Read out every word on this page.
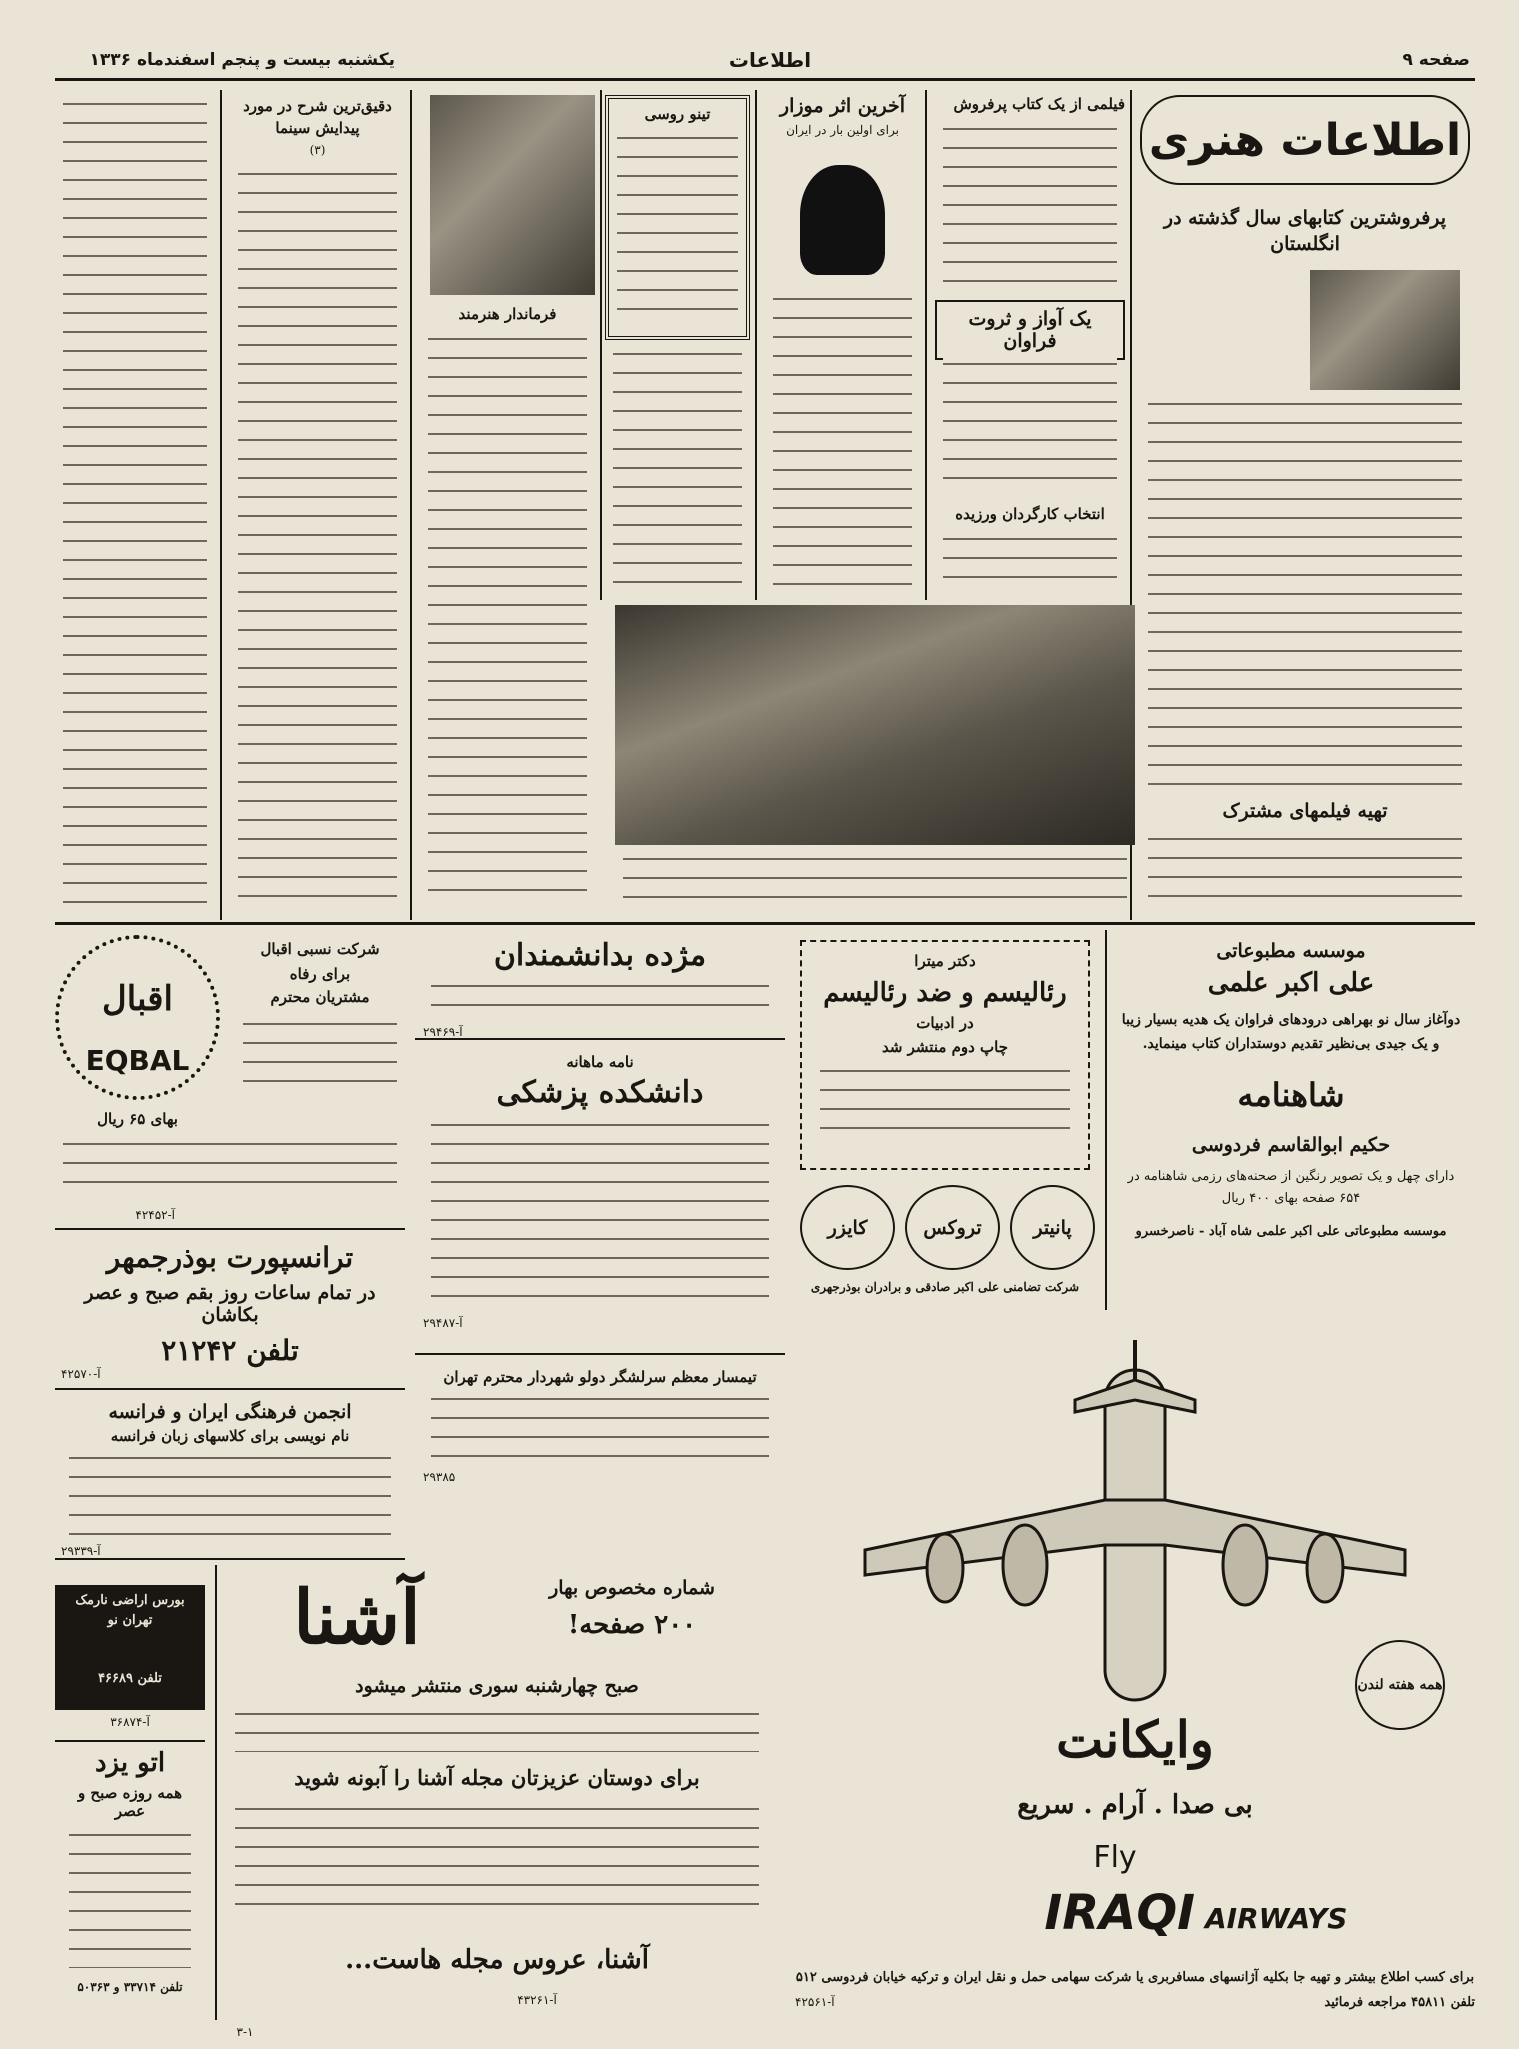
صفحه ۹
اطلاعات
یکشنبه بیست و پنجم اسفندماه ۱۳۳۶
اطلاعات هنری
پرفروشترین کتابهای سال گذشته در انگلستان
تهیه فیلمهای مشترک
فیلمی از یک کتاب پرفروش
یک آواز و ثروت فراوان
انتخاب کارگردان ورزیده
آخرین اثر موزار
برای اولین بار در ایران
تینو روسی
فرماندار هنرمند
دقیق‌ترین شرح در مورد پیدایش سینما
(۳)
موسسه مطبوعاتی
علی اکبر علمی
دوآغاز سال نو بهراهی درودهای فراوان یک هدیه بسیار زیبا و یک جیدی بی‌نظیر تقدیم دوستداران کتاب مینماید.
شاهنامه
حکیم ابوالقاسم فردوسی
دارای چهل و یک تصویر رنگین از صحنه‌های رزمی شاهنامه در ۶۵۴ صفحه بهای ۴۰۰ ریال
موسسه مطبوعاتی علی اکبر علمی شاه آباد - ناصرخسرو
دکتر میترا
رئالیسم و ضد رئالیسم
در ادبیات
چاپ دوم منتشر شد
پانیتر
تروکس
کایزر
شرکت تضامنی علی اکبر صادقی و برادران بوذرجهری
مژده بدانشمندان
آ-۲۹۴۶۹
نامه ماهانه
دانشکده پزشکی
آ-۲۹۴۸۷
تیمسار معظم سرلشگر دولو شهردار محترم تهران
۲۹۳۸۵
اقبال
EQBAL
شرکت نسبی اقبال
برای رفاه
مشتریان محترم
بهای ۶۵ ریال
آ-۴۲۴۵۲
ترانسپورت بوذرجمهر
در تمام ساعات روز بقم صبح و عصر بکاشان
تلفن ۲۱۲۴۲
آ-۴۲۵۷۰
انجمن فرهنگی ایران و فرانسه
نام نویسی برای کلاسهای زبان فرانسه
آ-۲۹۳۳۹
آشنا	شماره مخصوص بهار
۲۰۰ صفحه!
صبح چهارشنبه سوری منتشر میشود
برای دوستان عزیزتان مجله آشنا را آبونه شوید
آشنا، عروس مجله هاست...
آ-۴۳۲۶۱
بورس اراضی نارمک تهران نو
تلفن ۴۶۶۸۹
آ-۳۶۸۷۴
اتو یزد
همه روزه صبح و عصر
تلفن ۳۳۷۱۴ و ۵۰۳۶۳
۳-۱
همه هفته لندن
وایکانت
بی صدا . آرام . سریع
Fly
IRAQI AIRWAYS
برای کسب اطلاع بیشتر و تهیه جا بکلیه آژانسهای مسافربری یا شرکت سهامی حمل و نقل ایران و ترکیه خیابان فردوسی ۵۱۲
تلفن ۴۵۸۱۱ مراجعه فرمائید
آ-۴۲۵۶۱
